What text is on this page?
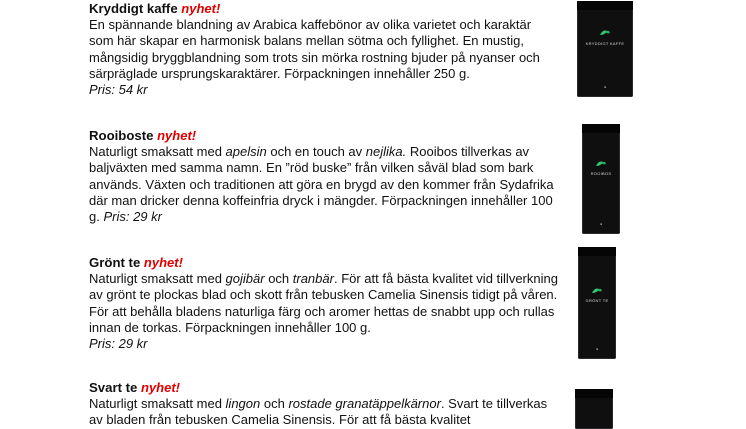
Kryddigt kaffe nyhet!
En spännande blandning av Arabica kaffebönor av olika varietet och karaktär som här skapar en harmonisk balans mellan sötma och fyllighet. En mustig, mångsidig bryggblandning som trots sin mörka rostning bjuder på nyanser och särpräglade ursprungskaraktärer. Förpackningen innehåller 250 g.
Pris: 54 kr
Rooiboste nyhet!
Naturligt smaksatt med apelsin och en touch av nejlika. Rooibos tillverkas av baljväxten med samma namn. En ”röd buske” från vilken såväl blad som bark används. Växten och traditionen att göra en brygd av den kommer från Sydafrika där man dricker denna koffeinfria dryck i mängder. Förpackningen innehåller 100 g. Pris: 29 kr
Grönt te nyhet!
Naturligt smaksatt med gojibär och tranbär. För att få bästa kvalitet vid tillverkning av grönt te plockas blad och skott från tebusken Camelia Sinensis tidigt på våren. För att behålla bladens naturliga färg och aromer hettas de snabbt upp och rullas innan de torkas. Förpackningen innehåller 100 g.
Pris: 29 kr
Svart te nyhet!
Naturligt smaksatt med lingon och rostade granatäppelkärnor. Svart te tillverkas av bladen från tebusken Camelia Sinensis. För att få bästa kvalitet
KRYDDIGT KAFFE
●
ROOIBOS
●
GRÖNT TE
●
